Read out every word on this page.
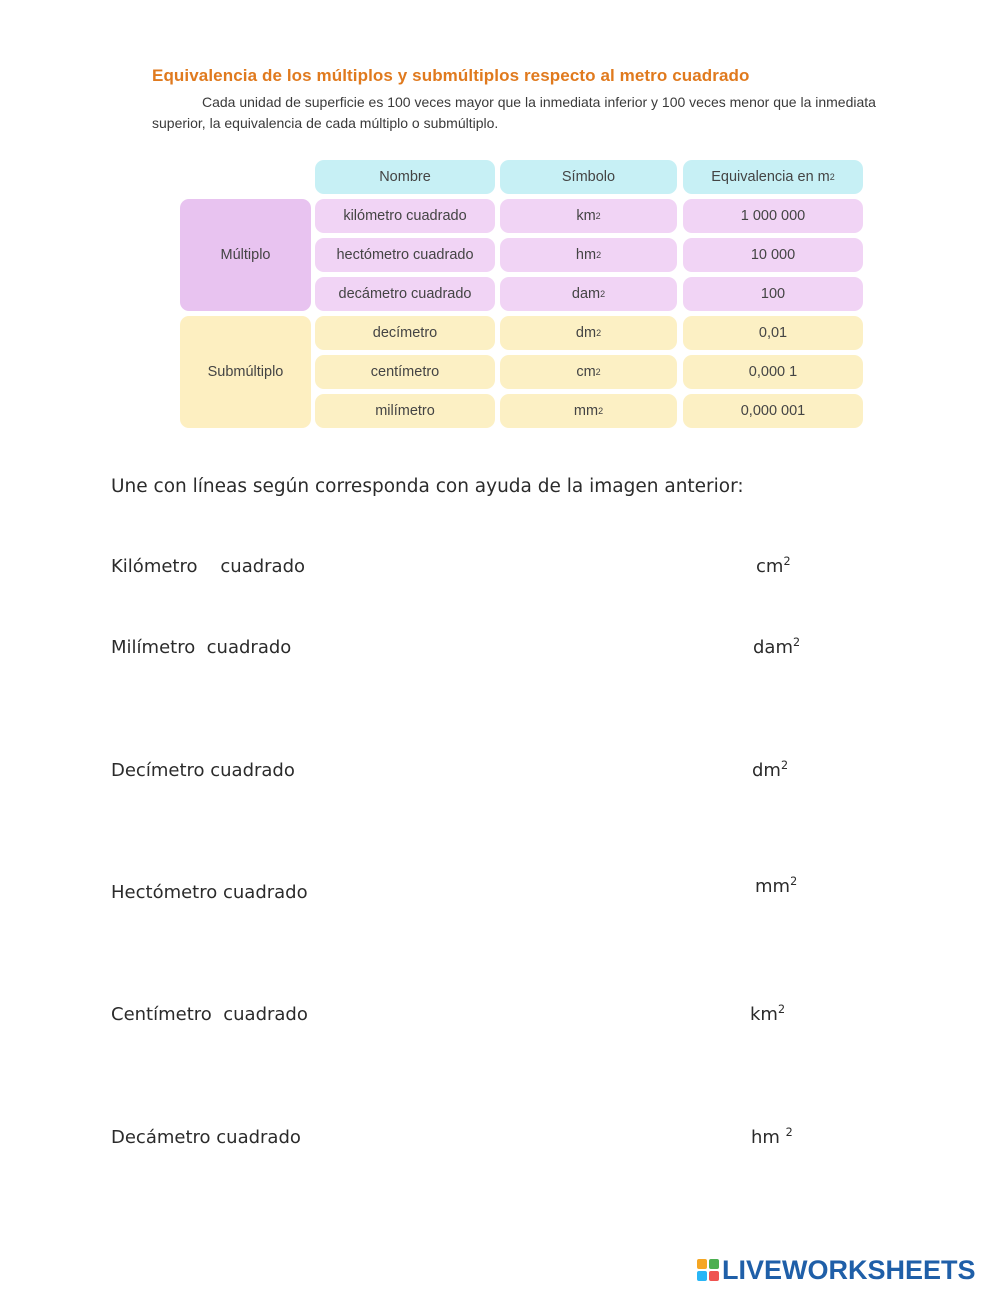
Equivalencia de los múltiplos y submúltiplos respecto al metro cuadrado
Cada unidad de superficie es 100 veces mayor que la inmediata inferior y 100 veces menor que la inmediata superior, la equivalencia de cada múltiplo o submúltiplo.
Nombre	Símbolo	Equivalencia en m 2
Múltiplo
Submúltiplo
kilómetro cuadrado	km 2	1 000 000
hectómetro cuadrado	hm 2	10 000
decámetro cuadrado	dam 2	100
decímetro	dm 2	0,01
centímetro	cm 2	0,000 1
milímetro	mm 2	0,000 001
Une con líneas según corresponda con ayuda de la imagen anterior:
Kilómetro    cuadrado
Milímetro  cuadrado
Decímetro cuadrado
Hectómetro cuadrado
Centímetro  cuadrado
Decámetro cuadrado
$cm^2$
dam$^2$
$dm^2$
$mm^2$
$km^2$
hm $^2$
LIVEWORKSHEETS
